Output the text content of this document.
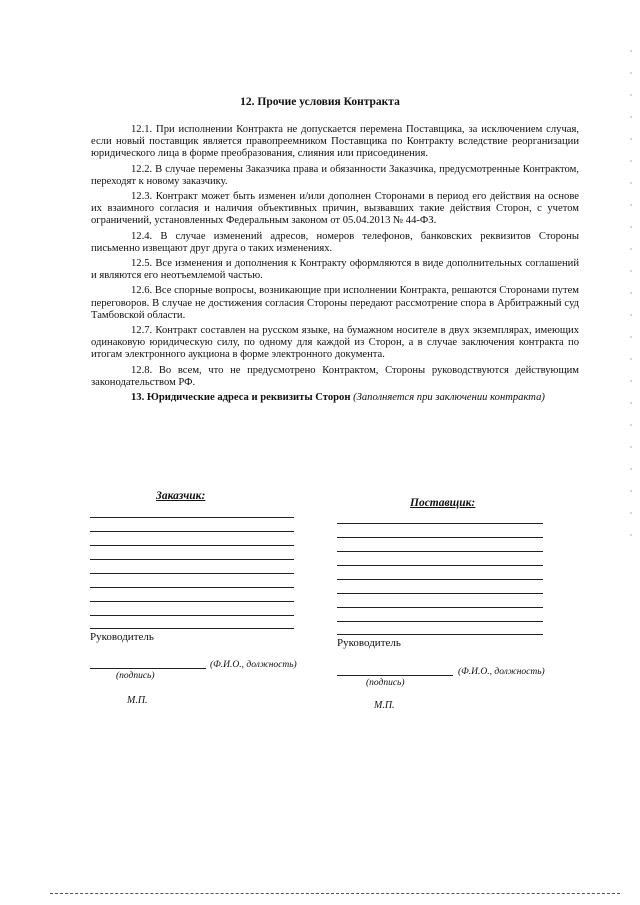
12. Прочие условия Контракта

12.1. При исполнении Контракта не допускается перемена Поставщика, за исключением случая, если новый поставщик является правопреемником Поставщика по Контракту вследствие реорганизации юридического лица в форме преобразования, слияния или присоединения.

12.2. В случае перемены Заказчика права и обязанности Заказчика, предусмотренные Контрактом, переходят к новому заказчику.

12.3. Контракт может быть изменен и/или дополнен Сторонами в период его действия на основе их взаимного согласия и наличия объективных причин, вызвавших такие действия Сторон, с учетом ограничений, установленных Федеральным законом от 05.04.2013 № 44-ФЗ.

12.4. В случае изменений адресов, номеров телефонов, банковских реквизитов Стороны письменно извещают друг друга о таких изменениях.

12.5. Все изменения и дополнения к Контракту оформляются в виде дополнительных соглашений и являются его неотъемлемой частью.

12.6. Все спорные вопросы, возникающие при исполнении Контракта, решаются Сторонами путем переговоров. В случае не достижения согласия Стороны передают рассмотрение спора в Арбитражный суд Тамбовской области.

12.7. Контракт составлен на русском языке, на бумажном носителе в двух экземплярах, имеющих одинаковую юридическую силу, по одному для каждой из Сторон, а в случае заключения контракта по итогам электронного аукциона в форме электронного документа.

12.8. Во всем, что не предусмотрено Контрактом, Стороны руководствуются действующим законодательством РФ.

13. Юридические адреса и реквизиты Сторон (Заполняется при заключении контракта)

Заказчик:
Руководитель
(Ф.И.О., должность)
(подпись)
М.П.
Поставщик:
Руководитель
(Ф.И.О., должность)
(подпись)
М.П.
